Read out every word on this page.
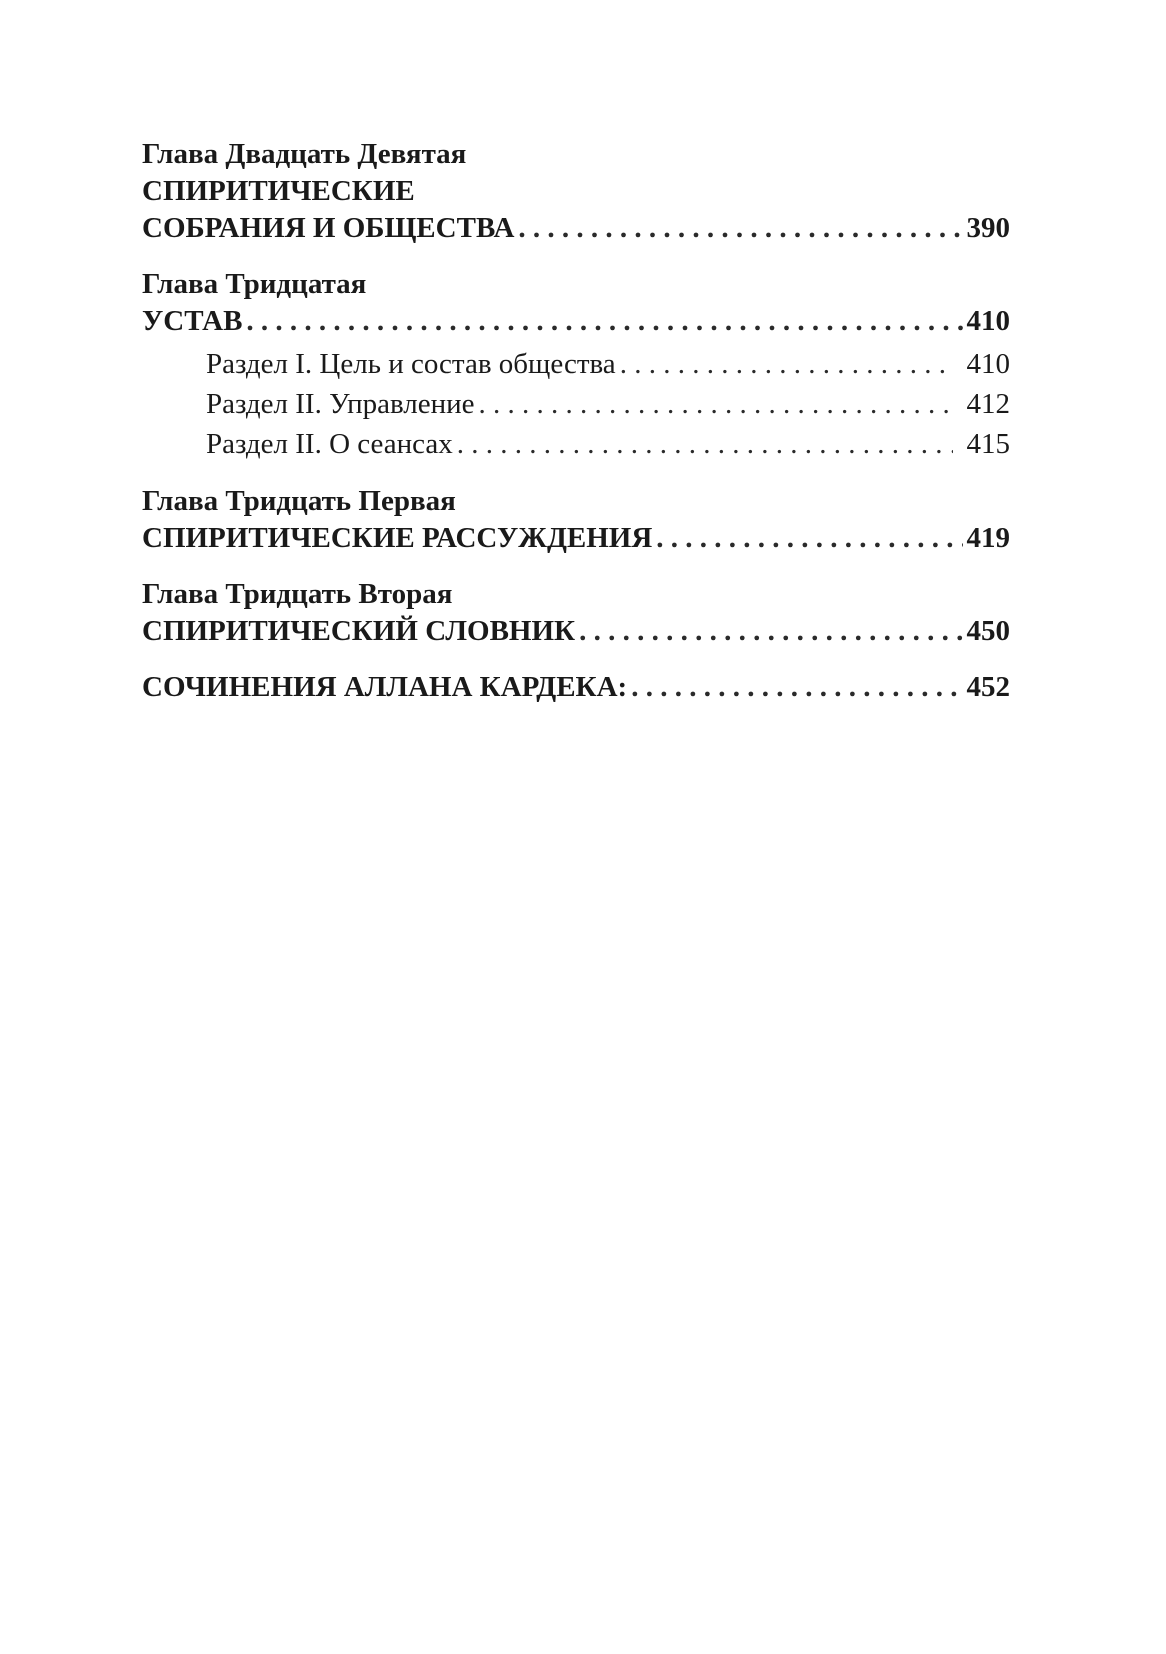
Глава Двадцать Девятая
СПИРИТИЧЕСКИЕ
СОБРАНИЯ И ОБЩЕСТВА . . .	390
Глава Тридцатая
УСТАВ . . .	410
Раздел I. Цель и состав общества . . .	410
Раздел II. Управление . . .	412
Раздел II. О сеансах . . .	415
Глава Тридцать Первая
СПИРИТИЧЕСКИЕ РАССУЖДЕНИЯ . . .	419
Глава Тридцать Вторая
СПИРИТИЧЕСКИЙ СЛОВНИК . . .	450
СОЧИНЕНИЯ АЛЛАНА КАРДЕКА: . . .	452
